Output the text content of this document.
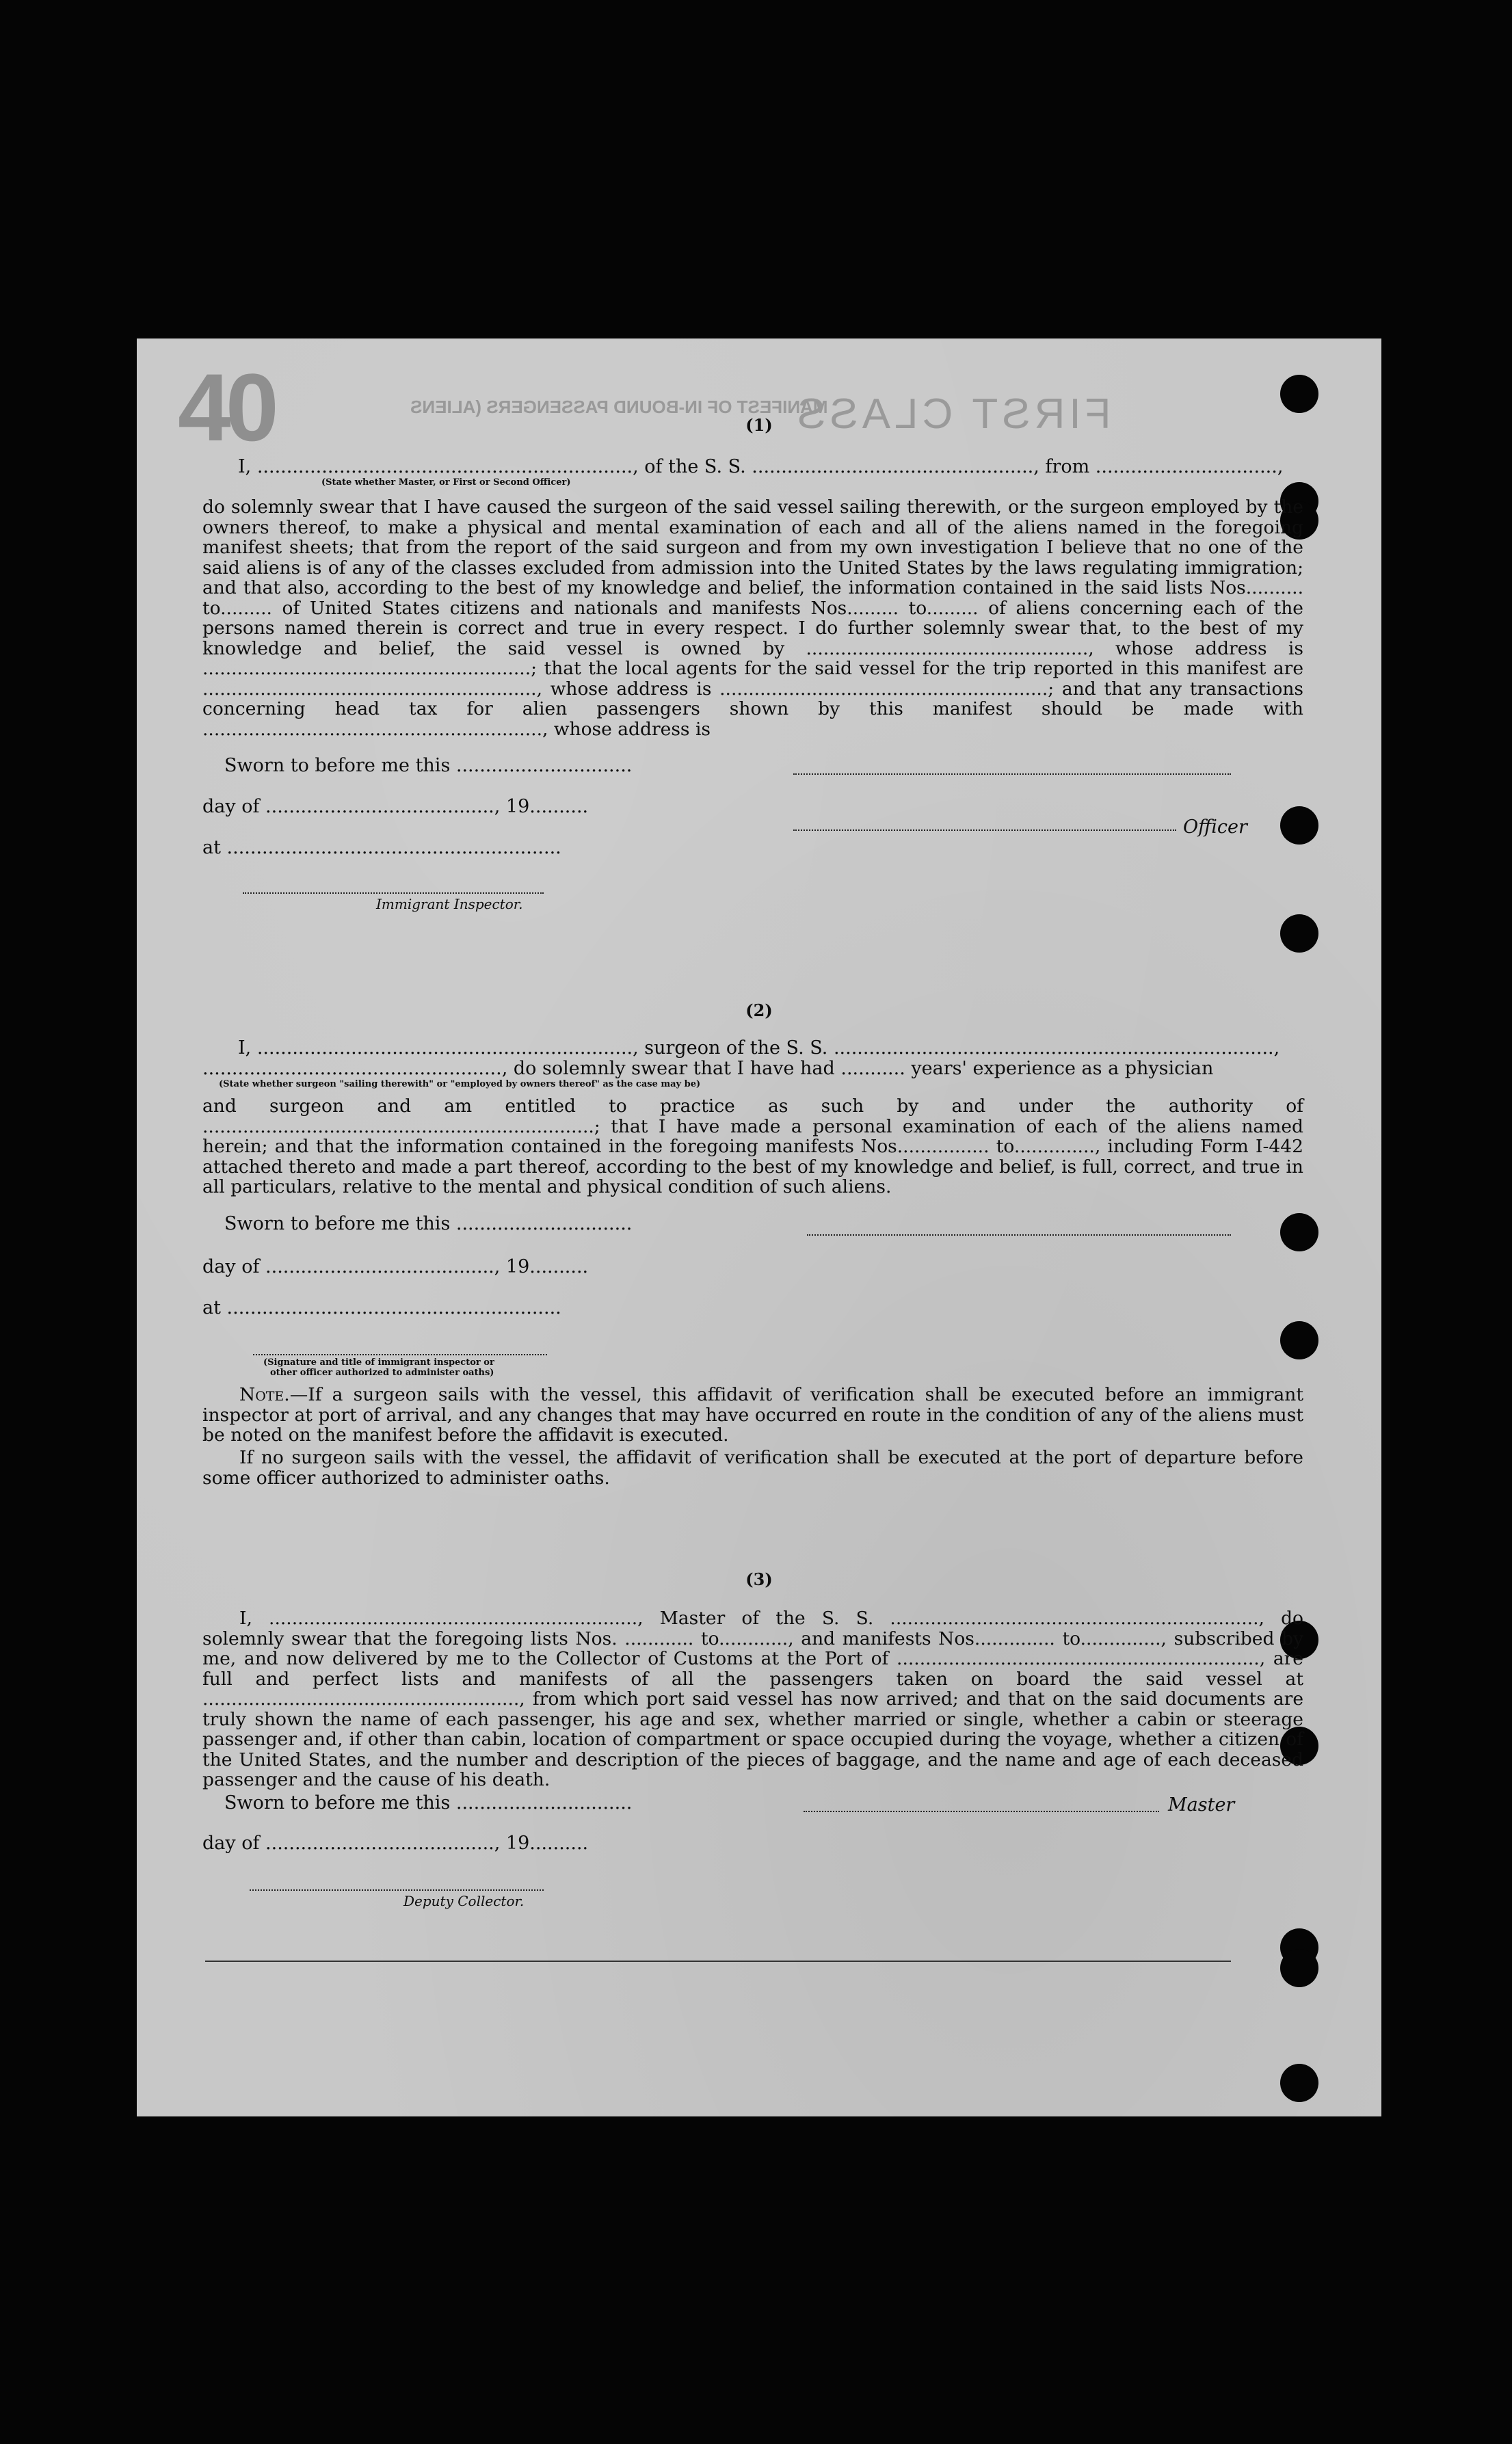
40	FIRST CLASS
MANIFEST OF IN-BOUND PASSENGERS (ALIENS
(1)
I, ................................................................, of the S. S. ................................................, from ...............................,
(State whether Master, or First or Second Officer)
do solemnly swear that I have caused the surgeon of the said vessel sailing therewith, or the surgeon employed by the owners thereof, to make a physical and mental examination of each and all of the aliens named in the foregoing manifest sheets; that from the report of the said surgeon and from my own investigation I believe that no one of the said aliens is of any of the classes excluded from admission into the United States by the laws regulating immigration; and that also, according to the best of my knowledge and belief, the information contained in the said lists Nos.......... to......... of United States citizens and nationals and manifests Nos......... to......... of aliens concerning each of the persons named therein is correct and true in every respect. I do further solemnly swear that, to the best of my knowledge and belief, the said vessel is owned by ................................................., whose address is .........................................................; that the local agents for the said vessel for the trip reported in this manifest are .........................................................., whose address is .........................................................; and that any transactions concerning head tax for alien passengers shown by this manifest should be made with ..........................................................., whose address is
Sworn to before me this ..............................
day of ......................................., 19..........
Officer
at .........................................................
Immigrant Inspector.
(2)
I, ................................................................, surgeon of the S. S. ...........................................................................,
..................................................., do solemnly swear that I have had ........... years' experience as a physician
(State whether surgeon "sailing therewith" or "employed by owners thereof" as the case may be)
and surgeon and am entitled to practice as such by and under the authority of ....................................................................; that I have made a personal examination of each of the aliens named herein; and that the information contained in the foregoing manifests Nos................ to.............., including Form I-442 attached thereto and made a part thereof, according to the best of my knowledge and belief, is full, correct, and true in all particulars, relative to the mental and physical condition of such aliens.
Sworn to before me this ..............................
day of ......................................., 19..........
at .........................................................
(Signature and title of immigrant inspector or
other officer authorized to administer oaths)
Note.—If a surgeon sails with the vessel, this affidavit of verification shall be executed before an immigrant inspector at port of arrival, and any changes that may have occurred en route in the condition of any of the aliens must be noted on the manifest before the affidavit is executed.
If no surgeon sails with the vessel, the affidavit of verification shall be executed at the port of departure before some officer authorized to administer oaths.
(3)
I, ................................................................, Master of the S. S. ................................................................, do solemnly swear that the foregoing lists Nos. ............ to............, and manifests Nos.............. to.............., subscribed by me, and now delivered by me to the Collector of Customs at the Port of ..............................................................., are full and perfect lists and manifests of all the passengers taken on board the said vessel at ......................................................., from which port said vessel has now arrived; and that on the said documents are truly shown the name of each passenger, his age and sex, whether married or single, whether a cabin or steerage passenger and, if other than cabin, location of compartment or space occupied during the voyage, whether a citizen of the United States, and the number and description of the pieces of baggage, and the name and age of each deceased passenger and the cause of his death.
Sworn to before me this ..............................	Master
day of ......................................., 19..........
Deputy Collector.
